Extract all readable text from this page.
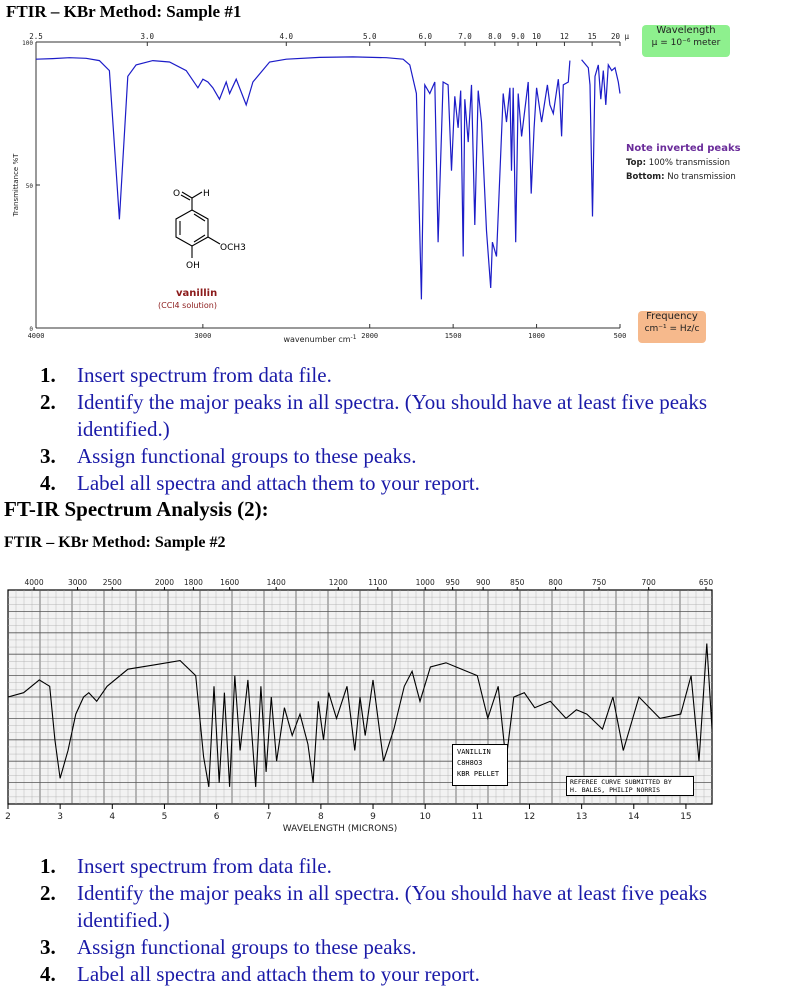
FTIR – KBr Method: Sample #1
4000	3000	2000	1500	1000	500
2.5	3.0	4.0	5.0	6.0	7.0 8.0 9.0 10	12 15 20 µ
100
50
0
wavenumber $cm^{-1}$
Transmittance %T
Wavelength
µ = 10⁻⁶ meter
Frequency
cm⁻¹ = Hz/c
Note inverted peaks
Top: 100% transmission
Bottom: No transmission
O	H
OCH3
OH
vanillin
(CCl4 solution)
1. Insert spectrum from data file.
2. Identify the major peaks in all spectra. (You should have at least five peaks identified.)
3. Assign functional groups to these peaks.
4. Label all spectra and attach them to your report.
FT-IR Spectrum Analysis (2):
FTIR – KBr Method: Sample #2
2	3	4	5	6	7	8	9	10	11	12	13	14	15
WAVELENGTH (MICRONS)
4000	3000 2500	2000 1800 1600	1400	1200	1100	1000 950 900	850	800	750	700	650
VANILLIN
C8H8O3
KBR PELLET
REFEREE CURVE SUBMITTED BY
H. BALES, PHILIP NORRIS
1. Insert spectrum from data file.
2. Identify the major peaks in all spectra. (You should have at least five peaks identified.)
3. Assign functional groups to these peaks.
4. Label all spectra and attach them to your report.
